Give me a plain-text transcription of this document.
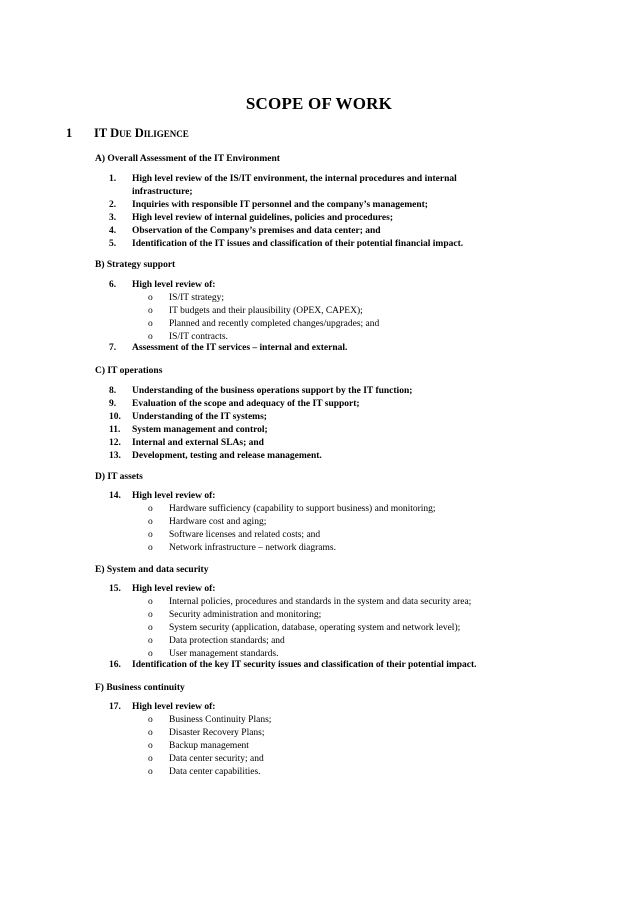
SCOPE OF WORK
1 IT Due Diligence
A) Overall Assessment of the IT Environment
1. High level review of the IS/IT environment, the internal procedures and internal
infrastructure;
2. Inquiries with responsible IT personnel and the company’s management;
3. High level review of internal guidelines, policies and procedures;
4. Observation of the Company’s premises and data center; and
5. Identification of the IT issues and classification of their potential financial impact.
B) Strategy support
6. High level review of:
o IS/IT strategy;
o IT budgets and their plausibility (OPEX, CAPEX);
o Planned and recently completed changes/upgrades; and
o IS/IT contracts.
7. Assessment of the IT services – internal and external.
C) IT operations
8. Understanding of the business operations support by the IT function;
9. Evaluation of the scope and adequacy of the IT support;
10. Understanding of the IT systems;
11. System management and control;
12. Internal and external SLAs; and
13. Development, testing and release management.
D) IT assets
14. High level review of:
o Hardware sufficiency (capability to support business) and monitoring;
o Hardware cost and aging;
o Software licenses and related costs; and
o Network infrastructure – network diagrams.
E) System and data security
15. High level review of:
o Internal policies, procedures and standards in the system and data security area;
o Security administration and monitoring;
o System security (application, database, operating system and network level);
o Data protection standards; and
o User management standards.
16. Identification of the key IT security issues and classification of their potential impact.
F) Business continuity
17. High level review of:
o Business Continuity Plans;
o Disaster Recovery Plans;
o Backup management
o Data center security; and
o Data center capabilities.
